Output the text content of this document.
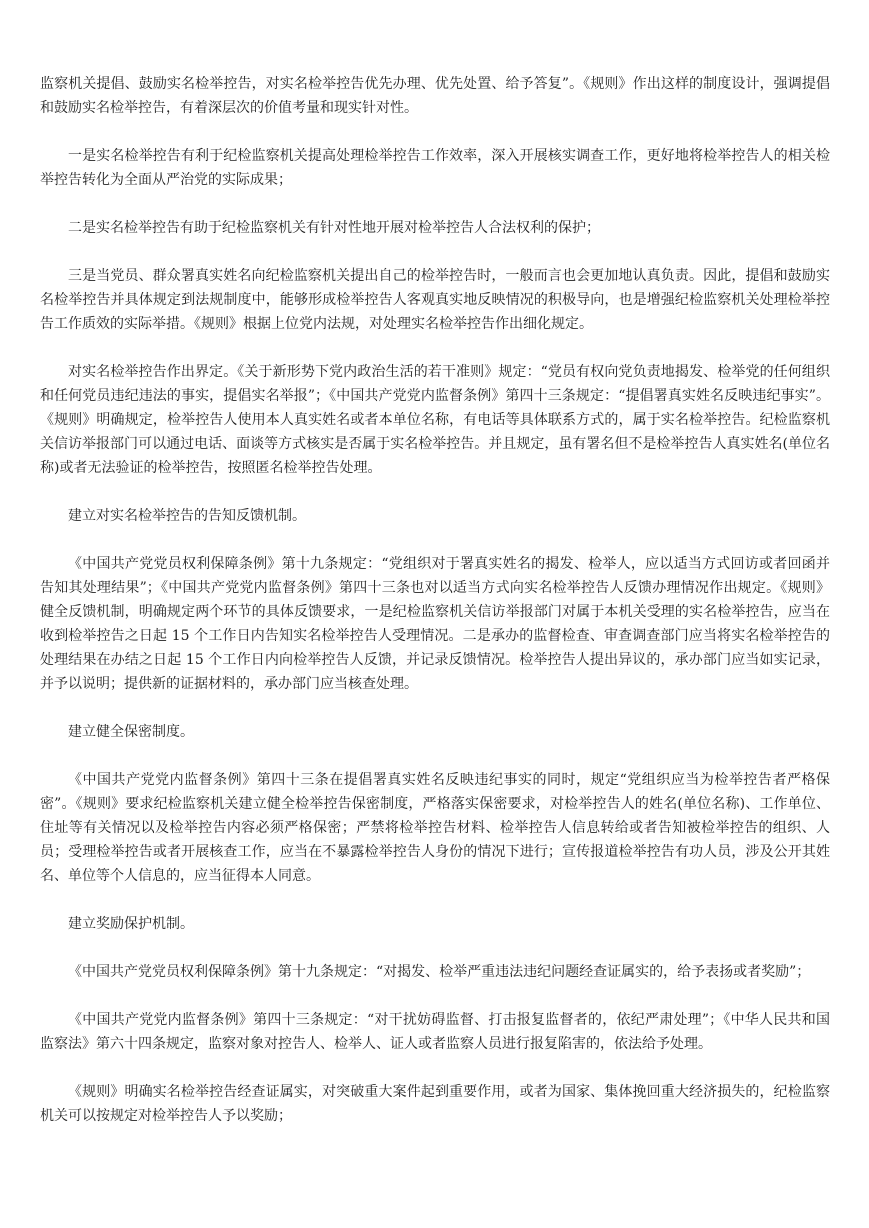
监察机关提倡、鼓励实名检举控告，对实名检举控告优先办理、优先处置、给予答复”。《规则》作出这样的制度设计，强调提倡和鼓励实名检举控告，有着深层次的价值考量和现实针对性。

一是实名检举控告有利于纪检监察机关提高处理检举控告工作效率，深入开展核实调查工作，更好地将检举控告人的相关检举控告转化为全面从严治党的实际成果；

二是实名检举控告有助于纪检监察机关有针对性地开展对检举控告人合法权利的保护；

三是当党员、群众署真实姓名向纪检监察机关提出自己的检举控告时，一般而言也会更加地认真负责。因此，提倡和鼓励实名检举控告并具体规定到法规制度中，能够形成检举控告人客观真实地反映情况的积极导向，也是增强纪检监察机关处理检举控告工作质效的实际举措。《规则》根据上位党内法规，对处理实名检举控告作出细化规定。

对实名检举控告作出界定。《关于新形势下党内政治生活的若干准则》规定：“党员有权向党负责地揭发、检举党的任何组织和任何党员违纪违法的事实，提倡实名举报”；《中国共产党党内监督条例》第四十三条规定：“提倡署真实姓名反映违纪事实”。《规则》明确规定，检举控告人使用本人真实姓名或者本单位名称，有电话等具体联系方式的，属于实名检举控告。纪检监察机关信访举报部门可以通过电话、面谈等方式核实是否属于实名检举控告。并且规定，虽有署名但不是检举控告人真实姓名(单位名称)或者无法验证的检举控告，按照匿名检举控告处理。

建立对实名检举控告的告知反馈机制。

《中国共产党党员权利保障条例》第十九条规定：“党组织对于署真实姓名的揭发、检举人，应以适当方式回访或者回函并告知其处理结果”；《中国共产党党内监督条例》第四十三条也对以适当方式向实名检举控告人反馈办理情况作出规定。《规则》健全反馈机制，明确规定两个环节的具体反馈要求，一是纪检监察机关信访举报部门对属于本机关受理的实名检举控告，应当在收到检举控告之日起 15 个工作日内告知实名检举控告人受理情况。二是承办的监督检查、审查调查部门应当将实名检举控告的处理结果在办结之日起 15 个工作日内向检举控告人反馈，并记录反馈情况。检举控告人提出异议的，承办部门应当如实记录，并予以说明；提供新的证据材料的，承办部门应当核查处理。

建立健全保密制度。

《中国共产党党内监督条例》第四十三条在提倡署真实姓名反映违纪事实的同时，规定“党组织应当为检举控告者严格保密”。《规则》要求纪检监察机关建立健全检举控告保密制度，严格落实保密要求，对检举控告人的姓名(单位名称)、工作单位、住址等有关情况以及检举控告内容必须严格保密；严禁将检举控告材料、检举控告人信息转给或者告知被检举控告的组织、人员；受理检举控告或者开展核查工作，应当在不暴露检举控告人身份的情况下进行；宣传报道检举控告有功人员，涉及公开其姓名、单位等个人信息的，应当征得本人同意。

建立奖励保护机制。

《中国共产党党员权利保障条例》第十九条规定：“对揭发、检举严重违法违纪问题经查证属实的，给予表扬或者奖励”；

《中国共产党党内监督条例》第四十三条规定：“对干扰妨碍监督、打击报复监督者的，依纪严肃处理”；《中华人民共和国监察法》第六十四条规定，监察对象对控告人、检举人、证人或者监察人员进行报复陷害的，依法给予处理。

《规则》明确实名检举控告经查证属实，对突破重大案件起到重要作用，或者为国家、集体挽回重大经济损失的，纪检监察机关可以按规定对检举控告人予以奖励；
